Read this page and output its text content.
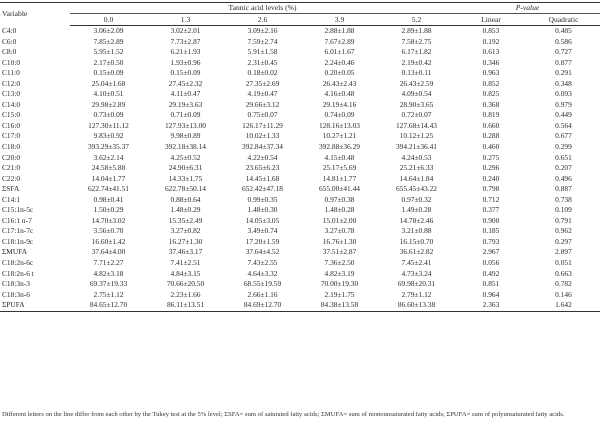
Variable	Tannic acid levels (%)					P-value	
	0.0	1.3	2.6	3.9	5.2	Linear	Quadratic
C4:0	3.06±2.09	3.02±2.01	3.09±2.16	2.88±1.88	2.89±1.88	0.853	0.485
C6:0	7.85±2.89	7.73±2.87	7.59±2.74	7.67±2.89	7.58±2.75	0.192	0.586
C8:0	5.95±1.52	6.21±1.93	5.91±1.58	6.01±1.67	6.17±1.82	0.613	0.727
C10:0	2.17±0.50	1.93±0.96	2.31±0.45	2.24±0.46	2.19±0.42	0.346	0.877
C11:0	0.15±0.09	0.15±0.09	0.18±0.02	0.20±0.05	0.13±0.11	0.963	0.291
C12:0	25.04±1.68	27.45±2.32	27.35±2.69	26.43±2.43	26.43±2.59	0.852	0.348
C13:0	4.10±0.51	4.11±0.47	4.19±0.47	4.16±0.48	4.09±0.54	0.825	0.093
C14:0	29.98±2.89	29.19±3.63	29.66±3.12	29.19±4.16	28.90±3.65	0.368	0.979
C15:0	0.73±0.09	0.71±0.09	0.75±0.07	0.74±0.09	0.72±0.07	0.819	0.449
C16:0	127.30±11.12	127.93±13.00	126.17±11.29	128.16±13.03	127.68±14.43	0.660	0.564
C17:0	9.83±0.92	9.98±0.89	10.02±1.33	10.27±1.21	10.12±1.25	0.288	0.677
C18:0	393.29±35.37	392.18±38.14	392.84±37.34	392.88±36.29	394.21±36.41	0.460	0.299
C20:0	3.62±2.14	4.25±0.52	4.22±0.54	4.15±0.48	4.24±0.53	0.275	0.651
C21:0	24.58±5.88	24.90±6.31	23.65±6.23	25.17±5.69	25.21±6.33	0.296	0.207
C22:0	14.04±1.77	14.33±1.75	14.45±1.68	14.81±1.77	14.64±1.84	0.240	0.496
ΣSFA	622.74±41.51	622.78±50.14	652.42±47.18	655.00±41.44	655.45±43.22	0.798	0.887
C14:1	0.98±0.41	0.88±0.64	0.99±0.35	0.97±0.38	0.97±0.32	0.712	0.738
C15:1n-5c	1.50±0.29	1.48±0.29	1.48±0.30	1.48±0.28	1.49±0.28	0.377	0.109
C16:1 n-7	14.70±3.02	15.35±2.49	14.05±3.05	15.01±2.00	14.78±2.46	0.900	0.791
C17:1n-7c	3.56±0.70	3.27±0.82	3.49±0.74	3.27±0.78	3.21±0.88	0.185	0.962
C18:1n-9c	16.60±1.42	16.27±1.30	17.20±1.59	16.76±1.30	16.15±0.70	0.793	0.297
ΣMUFA	37.64±4.00	37.46±3.17	37.64±4.52	37.51±2.87	36.61±2.82	2.967	2.897
C18:2n-6c	7.71±2.27	7.41±2.51	7.43±2.55	7.36±2.50	7.45±2.41	0.056	0.051
C18:2n-6 t	4.82±3.18	4.84±3.15	4.64±3.32	4.82±3.19	4.73±3.24	0.492	0.663
C18:3n-3	69.37±19.33	70.66±20.50	68.55±19.59	70.00±19.30	69.98±20.31	0.851	0.782
C18:3n-6	2.75±1.12	2.23±1.66	2.66±1.16	2.19±1.75	2.79±1.12	0.964	0.146
ΣPUFA	84.65±12.70	86.11±13.51	84.69±12.70	84.38±13.58	86.60±13.38	2.363	1.642
Different letters on the line differ from each other by the Tukey test at the 5% level; ΣSFA= sum of saturated fatty acids; ΣMUFA= sum of monounsaturated fatty acids; ΣPUFA= sum of polyunsaturated fatty acids.
